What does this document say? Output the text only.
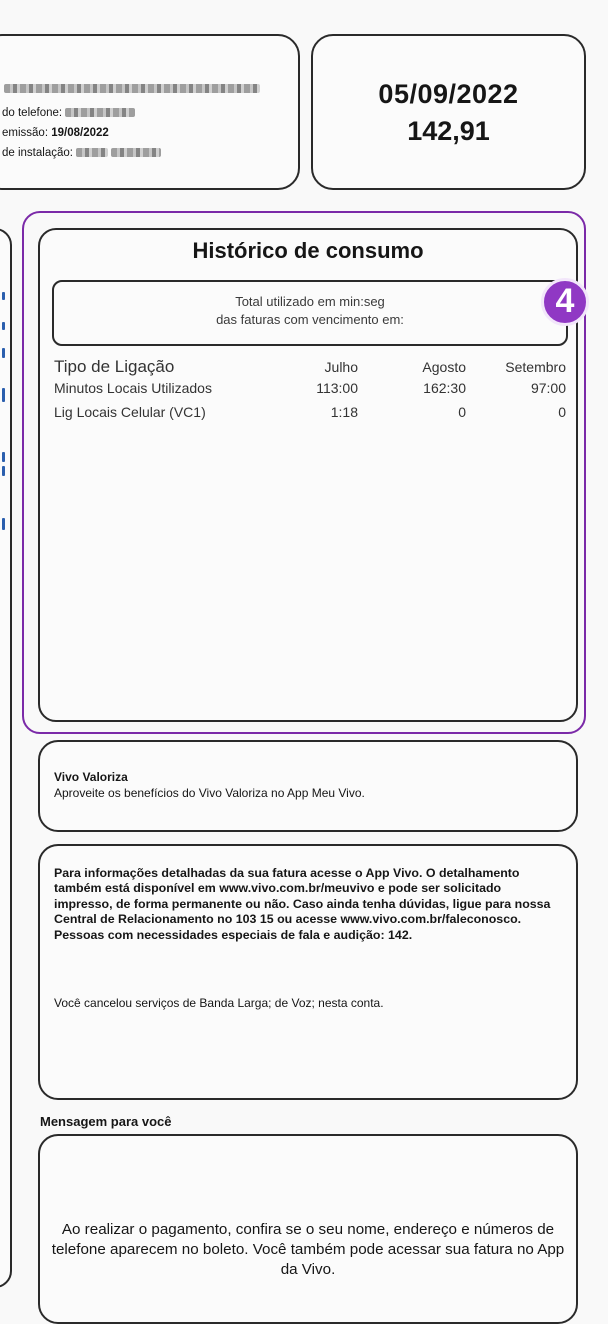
do telefone:
emissão: 19/08/2022
de instalação:
05/09/2022
142,91
Histórico de consumo
Total utilizado em min:seg
das faturas com vencimento em:
Tipo de Ligação	Julho	Agosto	Setembro
Minutos Locais Utilizados	113:00	162:30	97:00
Lig Locais Celular (VC1)	1:18	0	0
4
Vivo Valoriza
Aproveite os benefícios do Vivo Valoriza no App Meu Vivo.
Para informações detalhadas da sua fatura acesse o App Vivo. O detalhamento também está disponível em www.vivo.com.br/meuvivo e pode ser solicitado impresso, de forma permanente ou não. Caso ainda tenha dúvidas, ligue para nossa Central de Relacionamento no 103 15 ou acesse www.vivo.com.br/faleconosco. Pessoas com necessidades especiais de fala e audição: 142.
Você cancelou serviços de Banda Larga; de Voz; nesta conta.
Mensagem para você
Ao realizar o pagamento, confira se o seu nome, endereço e números de telefone aparecem no boleto. Você também pode acessar sua fatura no App da Vivo.
